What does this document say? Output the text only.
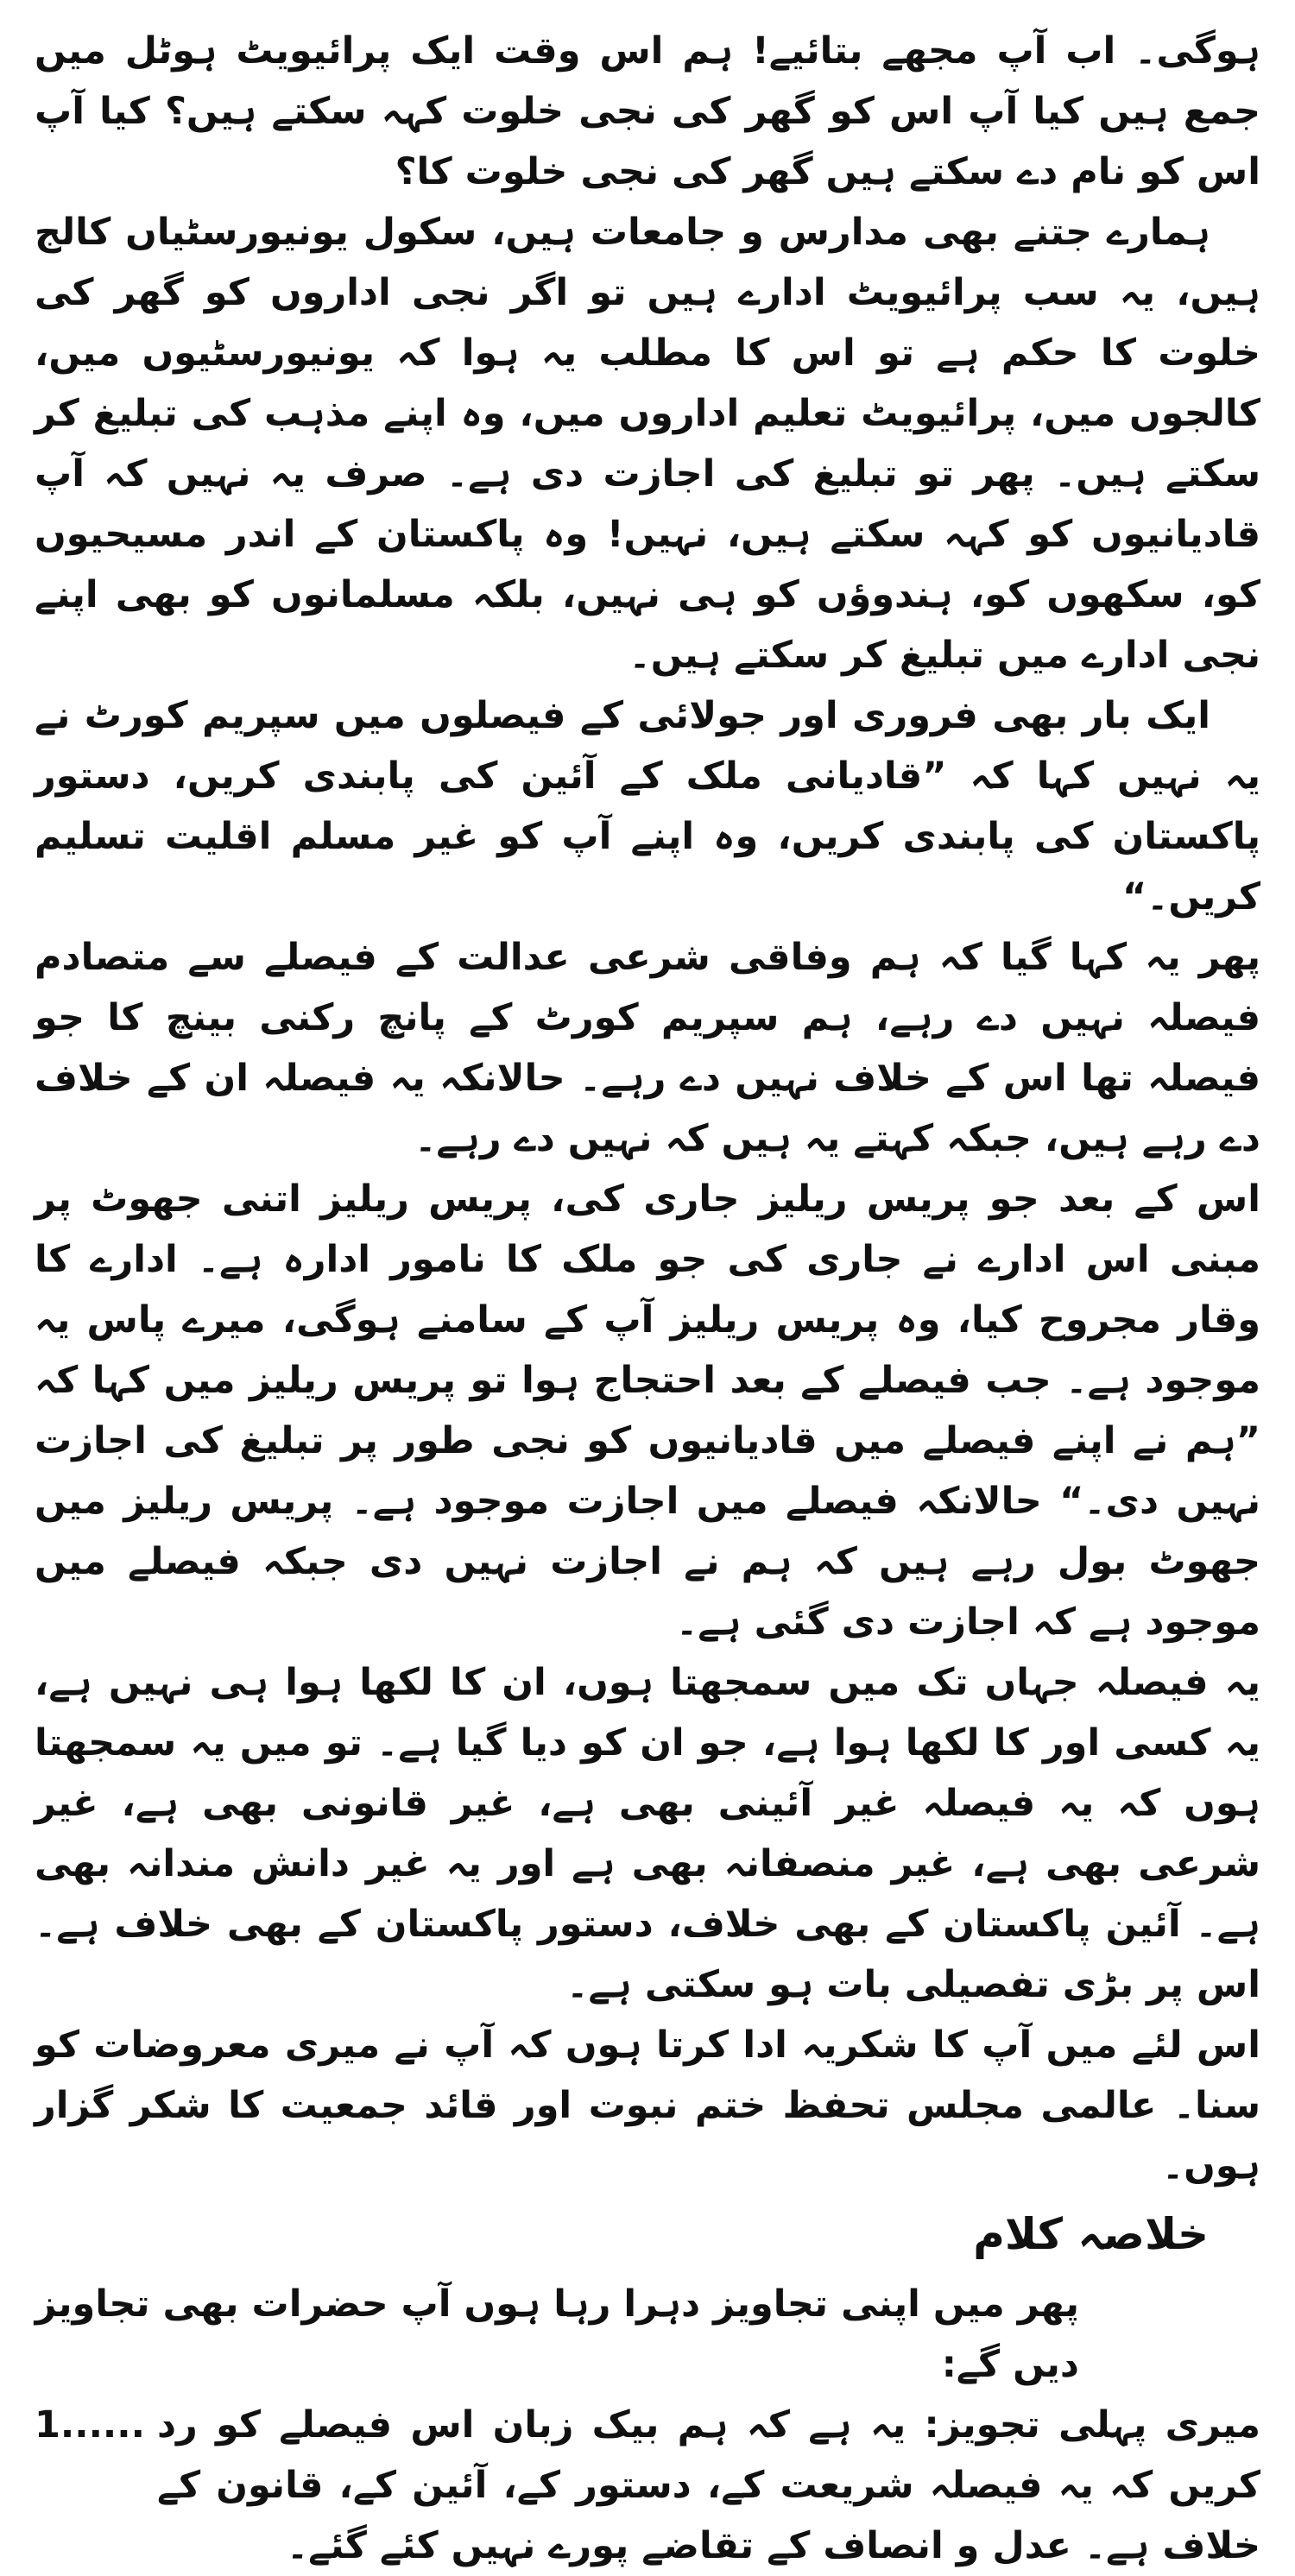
ہوگی۔ اب آپ مجھے بتائیے! ہم اس وقت ایک پرائیویٹ ہوٹل میں جمع ہیں کیا آپ اس کو گھر کی نجی خلوت کہہ سکتے ہیں؟ کیا آپ اس کو نام دے سکتے ہیں گھر کی نجی خلوت کا؟

ہمارے جتنے بھی مدارس و جامعات ہیں، سکول یونیورسٹیاں کالج ہیں، یہ سب پرائیویٹ ادارے ہیں تو اگر نجی اداروں کو گھر کی خلوت کا حکم ہے تو اس کا مطلب یہ ہوا کہ یونیورسٹیوں میں، کالجوں میں، پرائیویٹ تعلیم اداروں میں، وہ اپنے مذہب کی تبلیغ کر سکتے ہیں۔ پھر تو تبلیغ کی اجازت دی ہے۔ صرف یہ نہیں کہ آپ قادیانیوں کو کہہ سکتے ہیں، نہیں! وہ پاکستان کے اندر مسیحیوں کو، سکھوں کو، ہندوؤں کو ہی نہیں، بلکہ مسلمانوں کو بھی اپنے نجی ادارے میں تبلیغ کر سکتے ہیں۔

ایک بار بھی فروری اور جولائی کے فیصلوں میں سپریم کورٹ نے یہ نہیں کہا کہ ”قادیانی ملک کے آئین کی پابندی کریں، دستور پاکستان کی پابندی کریں، وہ اپنے آپ کو غیر مسلم اقلیت تسلیم کریں۔“

پھر یہ کہا گیا کہ ہم وفاقی شرعی عدالت کے فیصلے سے متصادم فیصلہ نہیں دے رہے، ہم سپریم کورٹ کے پانچ رکنی بینچ کا جو فیصلہ تھا اس کے خلاف نہیں دے رہے۔ حالانکہ یہ فیصلہ ان کے خلاف دے رہے ہیں، جبکہ کہتے یہ ہیں کہ نہیں دے رہے۔

اس کے بعد جو پریس ریلیز جاری کی، پریس ریلیز اتنی جھوٹ پر مبنی اس ادارے نے جاری کی جو ملک کا نامور ادارہ ہے۔ ادارے کا وقار مجروح کیا، وہ پریس ریلیز آپ کے سامنے ہوگی، میرے پاس یہ موجود ہے۔ جب فیصلے کے بعد احتجاج ہوا تو پریس ریلیز میں کہا کہ ”ہم نے اپنے فیصلے میں قادیانیوں کو نجی طور پر تبلیغ کی اجازت نہیں دی۔“ حالانکہ فیصلے میں اجازت موجود ہے۔ پریس ریلیز میں جھوٹ بول رہے ہیں کہ ہم نے اجازت نہیں دی جبکہ فیصلے میں موجود ہے کہ اجازت دی گئی ہے۔

یہ فیصلہ جہاں تک میں سمجھتا ہوں، ان کا لکھا ہوا ہی نہیں ہے، یہ کسی اور کا لکھا ہوا ہے، جو ان کو دیا گیا ہے۔ تو میں یہ سمجھتا ہوں کہ یہ فیصلہ غیر آئینی بھی ہے، غیر قانونی بھی ہے، غیر شرعی بھی ہے، غیر منصفانہ بھی ہے اور یہ غیر دانش مندانہ بھی ہے۔ آئین پاکستان کے بھی خلاف، دستور پاکستان کے بھی خلاف ہے۔ اس پر بڑی تفصیلی بات ہو سکتی ہے۔

اس لئے میں آپ کا شکریہ ادا کرتا ہوں کہ آپ نے میری معروضات کو سنا۔ عالمی مجلس تحفظ ختم نبوت اور قائد جمعیت کا شکر گزار ہوں۔

خلاصہ کلام

پھر میں اپنی تجاویز دہرا رہا ہوں آپ حضرات بھی تجاویز دیں گے:

میری پہلی تجویز: یہ ہے کہ ہم بیک زبان اس فیصلے کو رد کریں کہ یہ فیصلہ شریعت کے، دستور کے، آئین کے، قانون کے خلاف ہے۔ عدل و انصاف کے تقاضے پورے نہیں کئے گئے۔
1......
